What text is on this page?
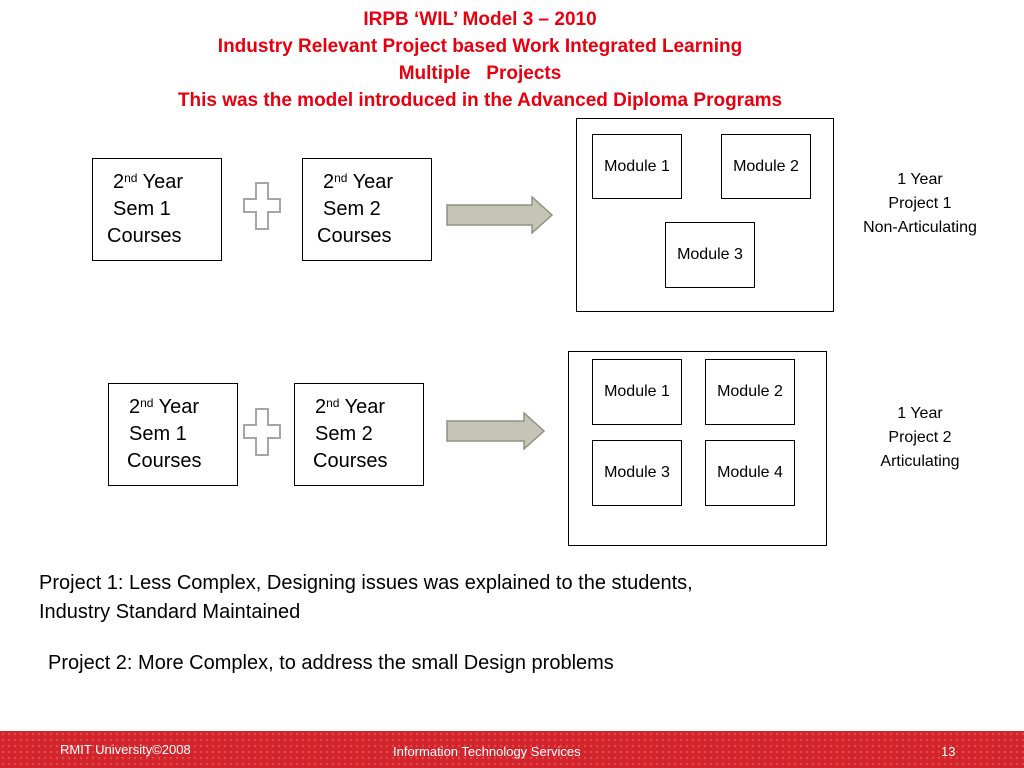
IRPB ‘WIL’ Model 3 – 2010
Industry Relevant Project based Work Integrated Learning
Multiple   Projects
This was the model introduced in the Advanced Diploma Programs
2nd Year
Sem 1
Courses
2nd Year
Sem 2
Courses
Module 1	Module 2
Module 3
1 Year
Project 1
Non-Articulating
2nd Year
Sem 1
Courses
2nd Year
Sem 2
Courses
Module 1	Module 2
Module 3	Module 4
1 Year
Project 2
Articulating
Project 1: Less Complex, Designing issues was explained to the students,
Industry Standard Maintained
Project 2: More Complex, to address the small Design problems
RMIT University©2008	Information Technology Services	13
